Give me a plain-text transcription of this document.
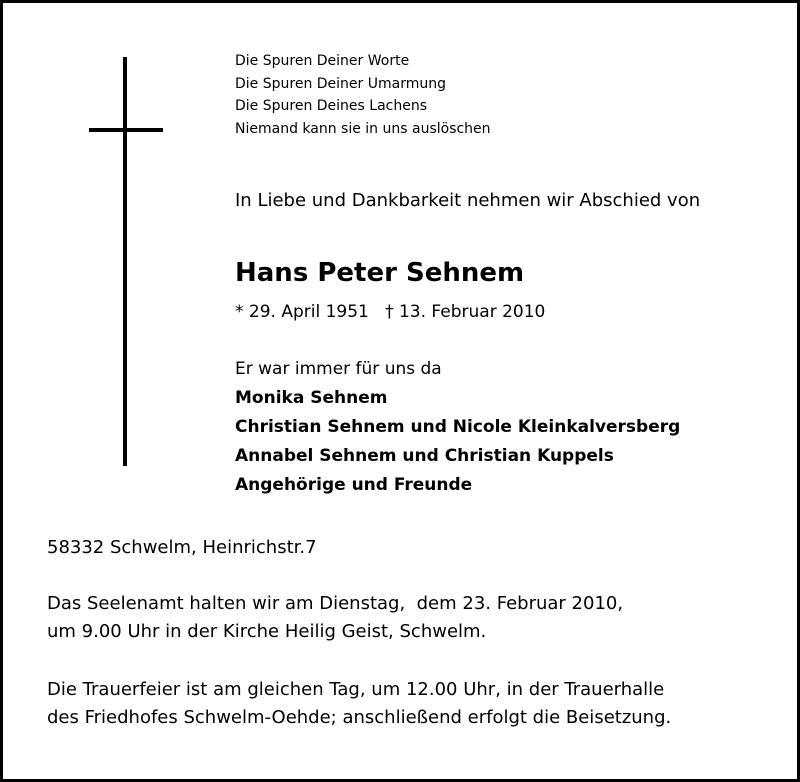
Die Spuren Deiner Worte
Die Spuren Deiner Umarmung
Die Spuren Deines Lachens
Niemand kann sie in uns auslöschen
In Liebe und Dankbarkeit nehmen wir Abschied von
Hans Peter Sehnem
* 29. April 1951   † 13. Februar 2010
Er war immer für uns da
Monika Sehnem
Christian Sehnem und Nicole Kleinkalversberg
Annabel Sehnem und Christian Kuppels
Angehörige und Freunde
58332 Schwelm, Heinrichstr.7
Das Seelenamt halten wir am Dienstag,  dem 23. Februar 2010,
um 9.00 Uhr in der Kirche Heilig Geist, Schwelm.
Die Trauerfeier ist am gleichen Tag, um 12.00 Uhr, in der Trauerhalle
des Friedhofes Schwelm-Oehde; anschließend erfolgt die Beisetzung.
